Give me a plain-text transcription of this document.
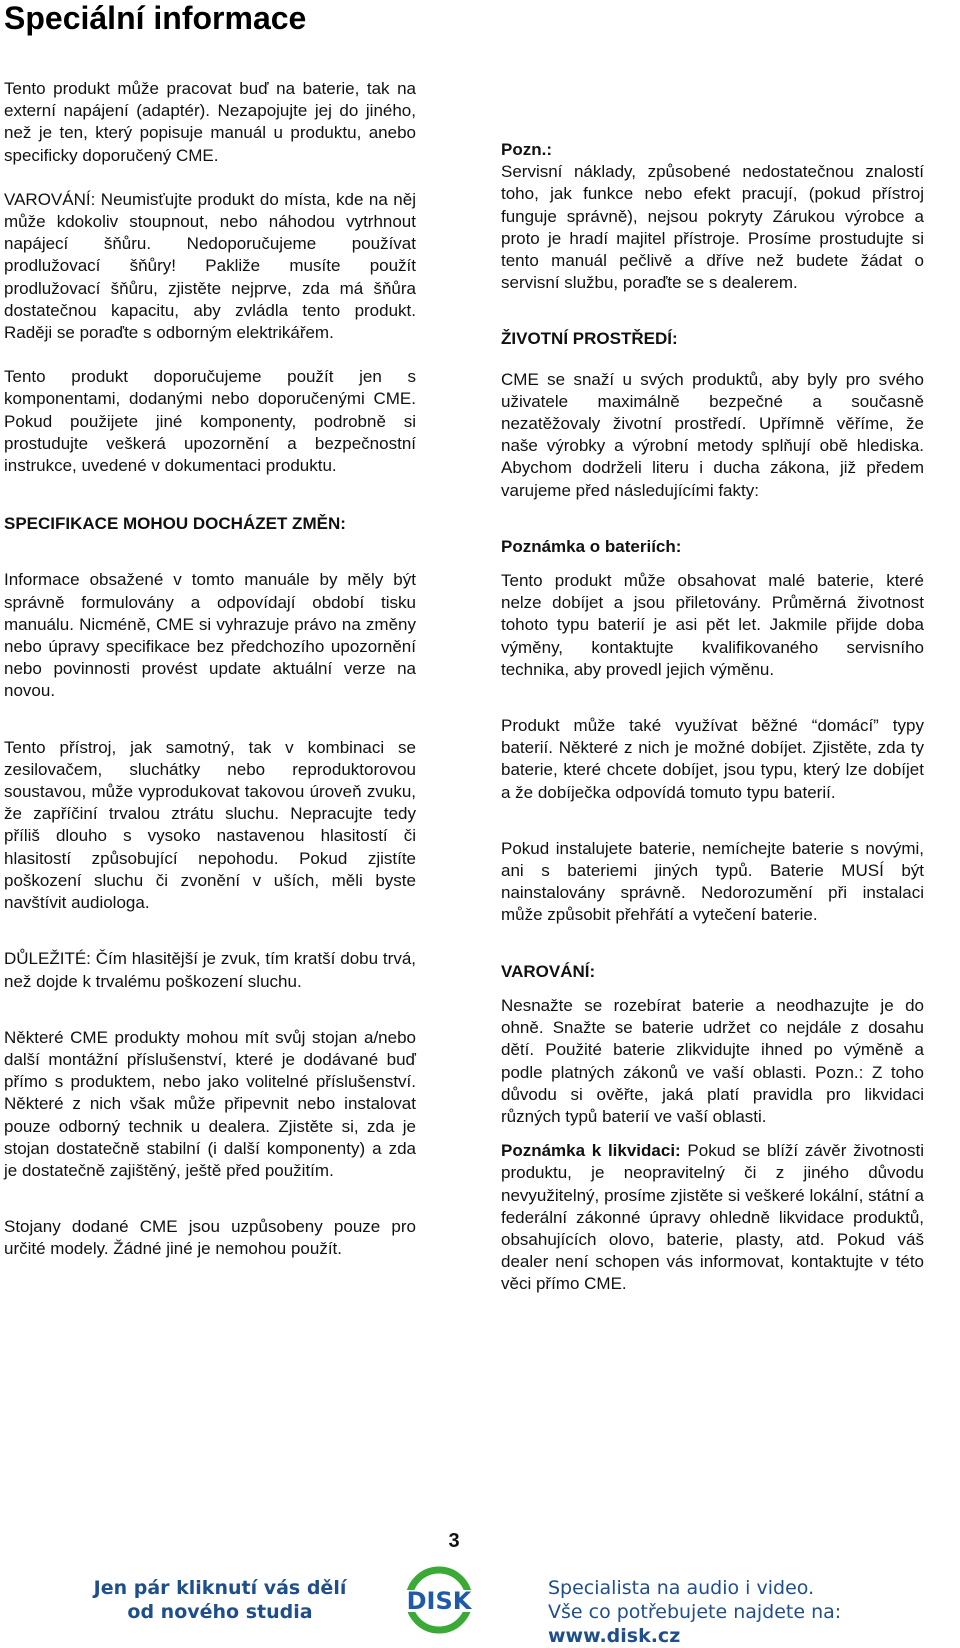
Speciální informace

Tento produkt může pracovat buď na baterie, tak na externí napájení (adaptér). Nezapojujte jej do jiného, než je ten, který popisuje manuál u produktu, anebo specificky doporučený CME.

VAROVÁNÍ: Neumisťujte produkt do místa, kde na něj může kdokoliv stoupnout, nebo náhodou vytrhnout napájecí šňůru. Nedoporučujeme používat prodlužovací šňůry! Pakliže musíte použít prodlužovací šňůru, zjistěte nejprve, zda má šňůra dostatečnou kapacitu, aby zvládla tento produkt. Raději se poraďte s odborným elektrikářem.

Tento produkt doporučujeme použít jen s komponentami, dodanými nebo doporučenými CME. Pokud použijete jiné komponenty, podrobně si prostudujte veškerá upozornění a bezpečnostní instrukce, uvedené v dokumentaci produktu.

SPECIFIKACE MOHOU DOCHÁZET ZMĚN:

Informace obsažené v tomto manuále by měly být správně formulovány a odpovídají období tisku manuálu. Nicméně, CME si vyhrazuje právo na změny nebo úpravy specifikace bez předchozího upozornění nebo povinnosti provést update aktuální verze na novou.

Tento přístroj, jak samotný, tak v kombinaci se zesilovačem, sluchátky nebo reproduktorovou soustavou, může vyprodukovat takovou úroveň zvuku, že zapříčiní trvalou ztrátu sluchu. Nepracujte tedy příliš dlouho s vysoko nastavenou hlasitostí či hlasitostí způsobující nepohodu. Pokud zjistíte poškození sluchu či zvonění v uších, měli byste navštívit audiologa.

DŮLEŽITÉ: Čím hlasitější je zvuk, tím kratší dobu trvá, než dojde k trvalému poškození sluchu.

Některé CME produkty mohou mít svůj stojan a/nebo další montážní příslušenství, které je dodávané buď přímo s produktem, nebo jako volitelné příslušenství. Některé z nich však může připevnit nebo instalovat pouze odborný technik u dealera. Zjistěte si, zda je stojan dostatečně stabilní (i další komponenty) a zda je dostatečně zajištěný, ještě před použitím.

Stojany dodané CME jsou uzpůsobeny pouze pro určité modely. Žádné jiné je nemohou použít.

Pozn.:

Servisní náklady, způsobené nedostatečnou znalostí toho, jak funkce nebo efekt pracují, (pokud přístroj funguje správně), nejsou pokryty Zárukou výrobce a proto je hradí majitel přístroje. Prosíme prostudujte si tento manuál pečlivě a dříve než budete žádat o servisní službu, poraďte se s dealerem.

ŽIVOTNÍ PROSTŘEDÍ:

CME se snaží u svých produktů, aby byly pro svého uživatele maximálně bezpečné a současně nezatěžovaly životní prostředí. Upřímně věříme, že naše výrobky a výrobní metody splňují obě hlediska. Abychom dodrželi literu i ducha zákona, již předem varujeme před následujícími fakty:

Poznámka o bateriích:

Tento produkt může obsahovat malé baterie, které nelze dobíjet a jsou přiletovány. Průměrná životnost tohoto typu baterií je asi pět let. Jakmile přijde doba výměny, kontaktujte kvalifikovaného servisního technika, aby provedl jejich výměnu.

Produkt může také využívat běžné “domácí” typy baterií. Některé z nich je možné dobíjet. Zjistěte, zda ty baterie, které chcete dobíjet, jsou typu, který lze dobíjet a že dobíječka odpovídá tomuto typu baterií.

Pokud instalujete baterie, nemíchejte baterie s novými, ani s bateriemi jiných typů. Baterie MUSÍ být nainstalovány správně. Nedorozumění při instalaci může způsobit přehřátí a vytečení baterie.

VAROVÁNÍ:

Nesnažte se rozebírat baterie a neodhazujte je do ohně. Snažte se baterie udržet co nejdále z dosahu dětí. Použité baterie zlikvidujte ihned po výměně a podle platných zákonů ve vaší oblasti. Pozn.: Z toho důvodu si ověřte, jaká platí pravidla pro likvidaci různých typů baterií ve vaší oblasti.

Poznámka k likvidaci: Pokud se blíží závěr životnosti produktu, je neopravitelný či z jiného důvodu nevyužitelný, prosíme zjistěte si veškeré lokální, státní a federální zákonné úpravy ohledně likvidace produktů, obsahujících olovo, baterie, plasty, atd. Pokud váš dealer není schopen vás informovat, kontaktujte v této věci přímo CME.

3
Jen pár kliknutí vás dělí
od nového studia	DISK	Specialista na audio i video.
Vše co potřebujete najdete na: www.disk.cz
